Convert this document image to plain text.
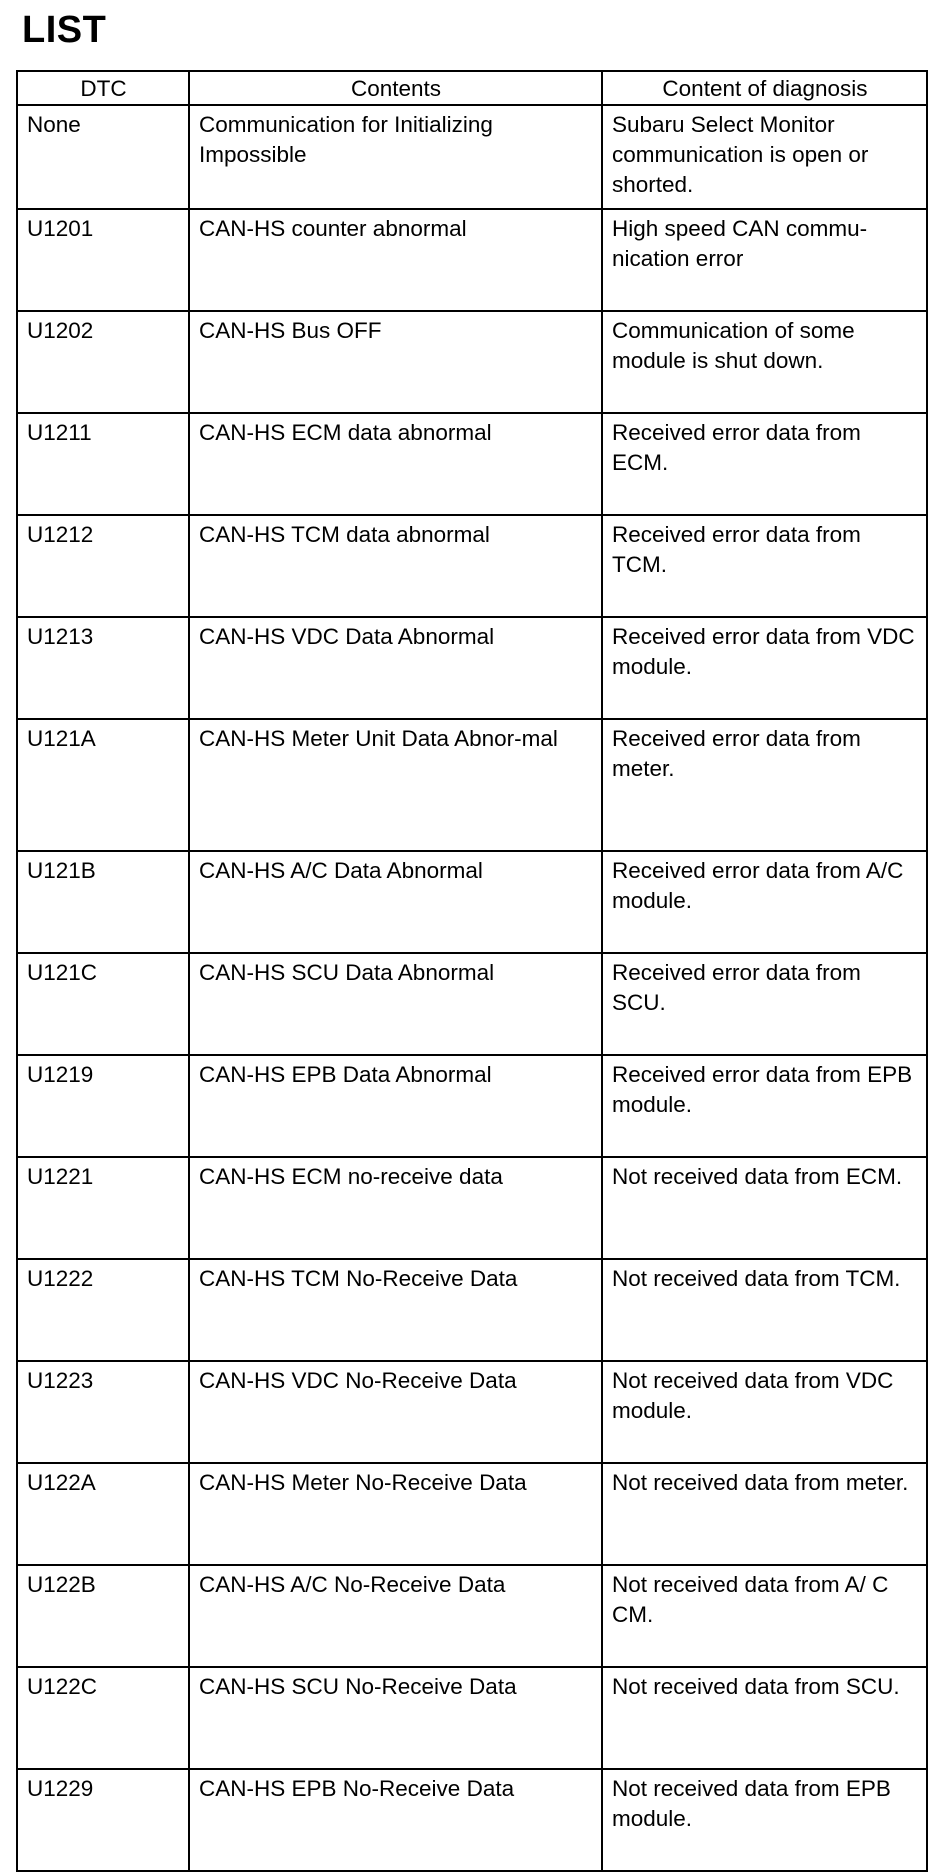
LIST
DTC	Contents	Content of diagnosis
None	Communication for Initializing Impossible	Subaru Select Monitor communication is open or shorted.
U1201	CAN-HS counter abnormal	High speed CAN commu-nication error
U1202	CAN-HS Bus OFF	Communication of some module is shut down.
U1211	CAN-HS ECM data abnormal	Received error data from ECM.
U1212	CAN-HS TCM data abnormal	Received error data from TCM.
U1213	CAN-HS VDC Data Abnormal	Received error data from VDC module.
U121A	CAN-HS Meter Unit Data Abnor-mal	Received error data from meter.
U121B	CAN-HS A/C Data Abnormal	Received error data from A/C module.
U121C	CAN-HS SCU Data Abnormal	Received error data from SCU.
U1219	CAN-HS EPB Data Abnormal	Received error data from EPB module.
U1221	CAN-HS ECM no-receive data	Not received data from ECM.
U1222	CAN-HS TCM No-Receive Data	Not received data from TCM.
U1223	CAN-HS VDC No-Receive Data	Not received data from VDC module.
U122A	CAN-HS Meter No-Receive Data	Not received data from meter.
U122B	CAN-HS A/C No-Receive Data	Not received data from A/ C CM.
U122C	CAN-HS SCU No-Receive Data	Not received data from SCU.
U1229	CAN-HS EPB No-Receive Data	Not received data from EPB module.
